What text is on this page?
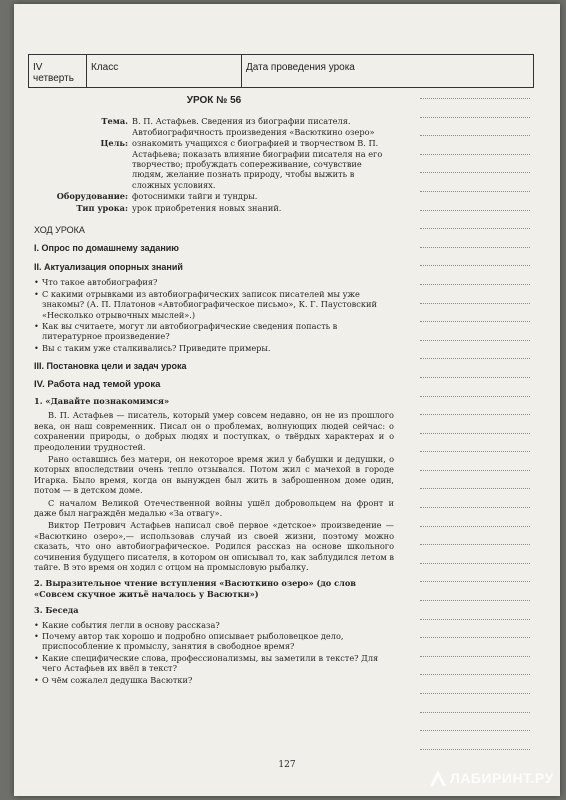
IV четверть
Класс	Дата проведения урока
УРОК № 56
Тема. В. П. Астафьев. Сведения из биографии писателя. Автобиографичность произведения «Васюткино озеро»
Цель: ознакомить учащихся с биографией и творчеством В. П. Астафьева; показать влияние биографии писателя на его творчество; пробуждать сопереживание, сочувствие людям, желание познать природу, чтобы выжить в сложных условиях.
Оборудование: фотоснимки тайги и тундры.
Тип урока: урок приобретения новых знаний.
ХОД УРОКА
I. Опрос по домашнему заданию
II. Актуализация опорных знаний
• Что такое автобиография?
• С какими отрывками из автобиографических записок писателей мы уже знакомы? (А. П. Платонов «Автобиографическое письмо», К. Г. Паустовский «Несколько отрывочных мыслей».)
• Как вы считаете, могут ли автобиографические сведения попасть в литературное произведение?
• Вы с таким уже сталкивались? Приведите примеры.
III. Постановка цели и задач урока
IV. Работа над темой урока
1. «Давайте познакомимся»

В. П. Астафьев — писатель, который умер совсем недавно, он не из прошлого века, он наш современник. Писал он о проблемах, волнующих людей сейчас: о сохранении природы, о добрых людях и поступках, о твёрдых характерах и о преодолении трудностей.

Рано оставшись без матери, он некоторое время жил у бабушки и дедушки, о которых впоследствии очень тепло отзывался. Потом жил с мачехой в городе Игарка. Было время, когда он вынужден был жить в заброшенном доме один, потом — в детском доме.

С началом Великой Отечественной войны ушёл добровольцем на фронт и даже был награждён медалью «За отвагу».

Виктор Петрович Астафьев написал своё первое «детское» произведение — «Васюткино озеро»,— использовав случай из своей жизни, поэтому можно сказать, что оно автобиографическое. Родился рассказ на основе школьного сочинения будущего писателя, в котором он описывал то, как заблудился летом в тайге. В это время он ходил с отцом на промысловую рыбалку.

2. Выразительное чтение вступления «Васюткино озеро» (до слов «Совсем скучное житьё началось у Васютки»)
3. Беседа
• Какие события легли в основу рассказа?
• Почему автор так хорошо и подробно описывает рыболовецкое дело, приспособление к промыслу, занятия в свободное время?
• Какие специфические слова, профессионализмы, вы заметили в тексте? Для чего Астафьев их ввёл в текст?
• О чём сожалел дедушка Васютки?
127
ЛАБИРИНТ.РУ
